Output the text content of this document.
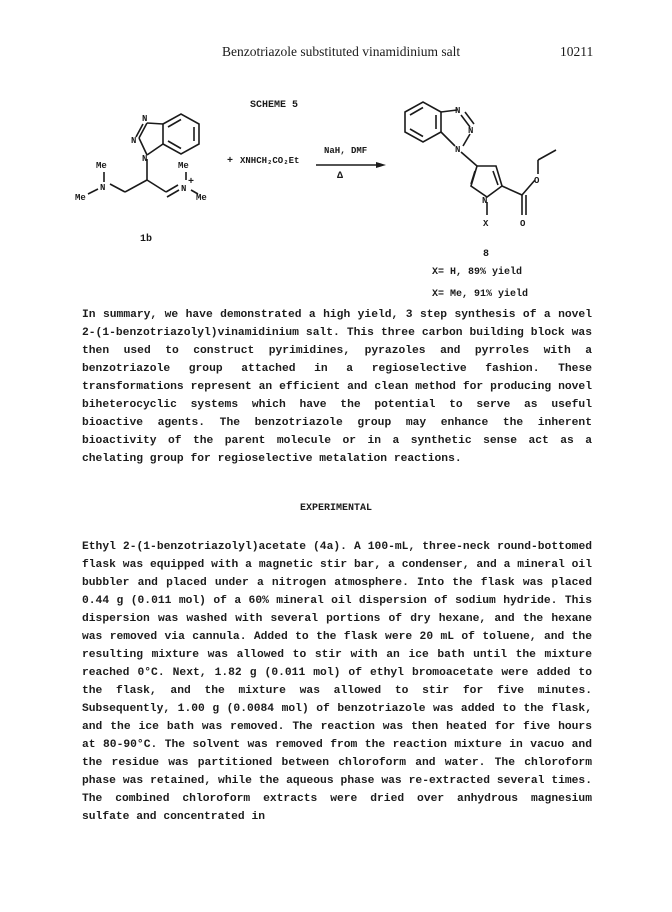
Benzotriazole substituted vinamidinium salt	10211
SCHEME 5
N
N
N
Me
N
Me
Me
N
+
Me
1b
+ XNHCH₂CO₂Et
NaH, DMF
Δ
N
N
N
N
X
O
O
8
X= H, 89% yield
X= Me, 91% yield

In summary, we have demonstrated a high yield, 3 step synthesis of a novel 2-(1-benzotriazolyl)vinamidinium salt. This three carbon building block was then used to construct pyrimidines, pyrazoles and pyrroles with a benzotriazole group attached in a regioselective fashion. These transformations represent an efficient and clean method for producing novel biheterocyclic systems which have the potential to serve as useful bioactive agents. The benzotriazole group may enhance the inherent bioactivity of the parent molecule or in a synthetic sense act as a chelating group for regioselective metalation reactions.

EXPERIMENTAL

Ethyl 2-(1-benzotriazolyl)acetate (4a). A 100-mL, three-neck round-bottomed flask was equipped with a magnetic stir bar, a condenser, and a mineral oil bubbler and placed under a nitrogen atmosphere. Into the flask was placed 0.44 g (0.011 mol) of a 60% mineral oil dispersion of sodium hydride. This dispersion was washed with several portions of dry hexane, and the hexane was removed via cannula. Added to the flask were 20 mL of toluene, and the resulting mixture was allowed to stir with an ice bath until the mixture reached 0°C. Next, 1.82 g (0.011 mol) of ethyl bromoacetate were added to the flask, and the mixture was allowed to stir for five minutes. Subsequently, 1.00 g (0.0084 mol) of benzotriazole was added to the flask, and the ice bath was removed. The reaction was then heated for five hours at 80-90°C. The solvent was removed from the reaction mixture in vacuo and the residue was partitioned between chloroform and water. The chloroform phase was retained, while the aqueous phase was re-extracted several times. The combined chloroform extracts were dried over anhydrous magnesium sulfate and concentrated in
